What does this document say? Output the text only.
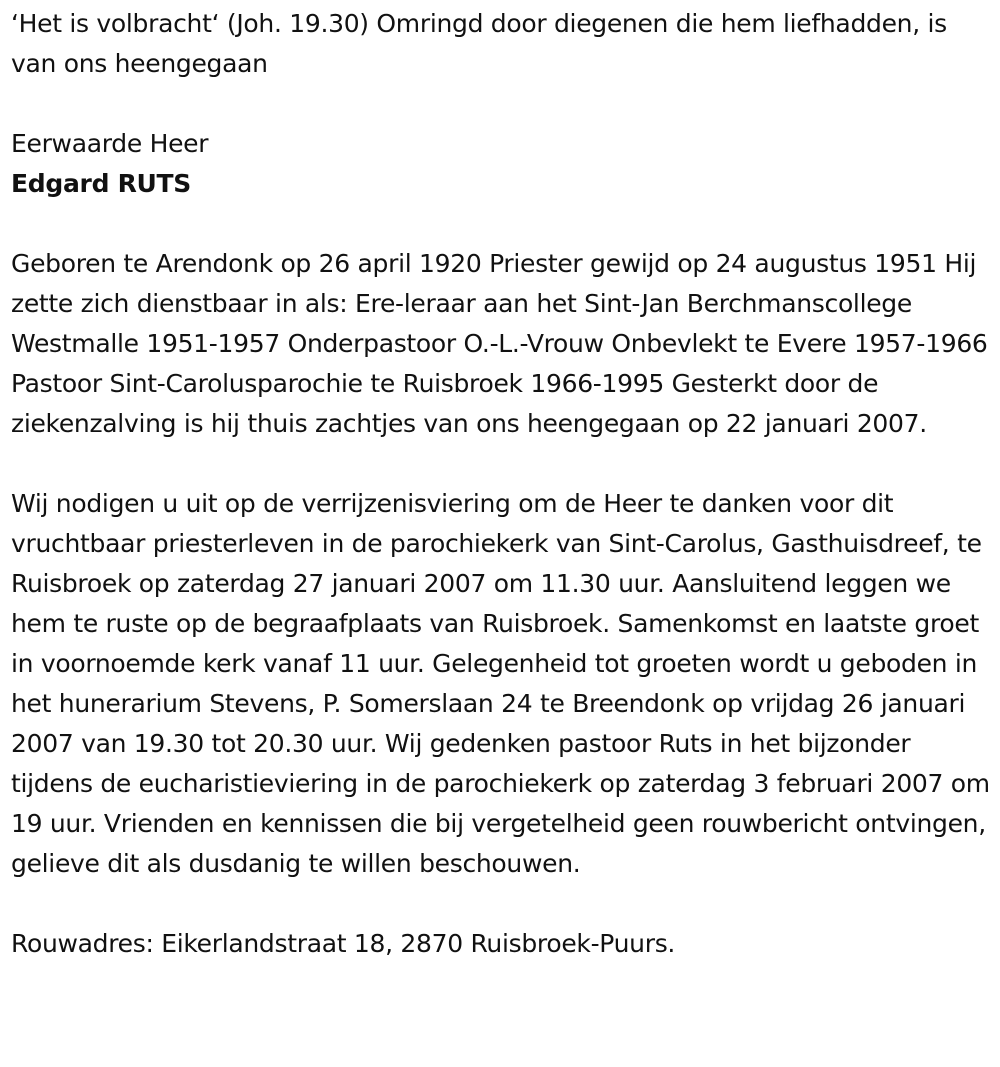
‘Het is volbracht‘ (Joh. 19.30) Omringd door diegenen die hem liefhadden, is van ons heengegaan

Eerwaarde Heer

Edgard RUTS

Geboren te Arendonk op 26 april 1920 Priester gewijd op 24 augustus 1951 Hij zette zich dienstbaar in als: Ere-leraar aan het Sint-Jan Berchmanscollege Westmalle 1951-1957 Onderpastoor O.-L.-Vrouw Onbevlekt te Evere 1957-1966 Pastoor Sint-Carolusparochie te Ruisbroek 1966-1995 Gesterkt door de ziekenzalving is hij thuis zachtjes van ons heengegaan op 22 januari 2007.

Wij nodigen u uit op de verrijzenisviering om de Heer te danken voor dit vruchtbaar priesterleven in de parochiekerk van Sint-Carolus, Gasthuisdreef, te Ruisbroek op zaterdag 27 januari 2007 om 11.30 uur. Aansluitend leggen we hem te ruste op de begraafplaats van Ruisbroek. Samenkomst en laatste groet in voornoemde kerk vanaf 11 uur. Gelegenheid tot groeten wordt u geboden in het hunerarium Stevens, P. Somerslaan 24 te Breendonk op vrijdag 26 januari 2007 van 19.30 tot 20.30 uur. Wij gedenken pastoor Ruts in het bijzonder tijdens de eucharistieviering in de parochiekerk op zaterdag 3 februari 2007 om 19 uur. Vrienden en kennissen die bij vergetelheid geen rouwbericht ontvingen, gelieve dit als dusdanig te willen beschouwen.

Rouwadres: Eikerlandstraat 18, 2870 Ruisbroek-Puurs.
